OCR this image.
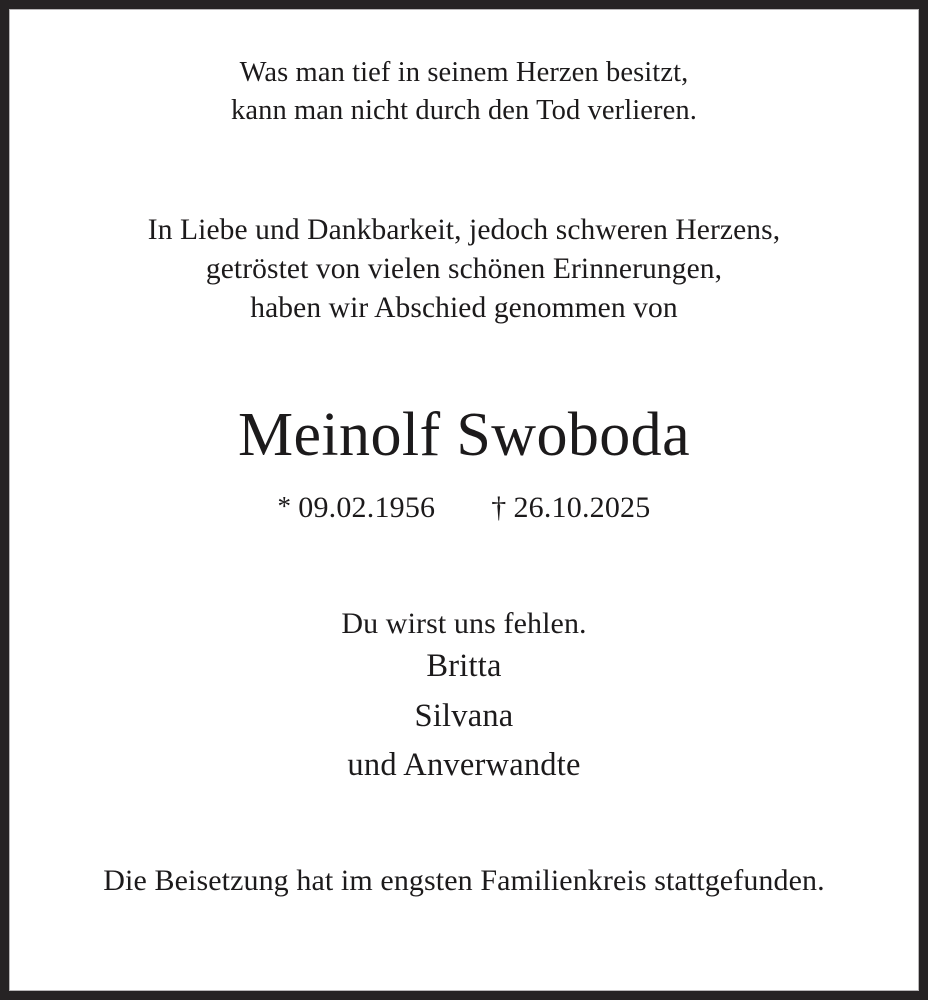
Was man tief in seinem Herzen besitzt,
kann man nicht durch den Tod verlieren.

In Liebe und Dankbarkeit, jedoch schweren Herzens,
getröstet von vielen schönen Erinnerungen,
haben wir Abschied genommen von

Meinolf Swoboda

* 09.02.1956 † 26.10.2025

Du wirst uns fehlen.
Britta
Silvana
und Anverwandte

Die Beisetzung hat im engsten Familienkreis stattgefunden.
